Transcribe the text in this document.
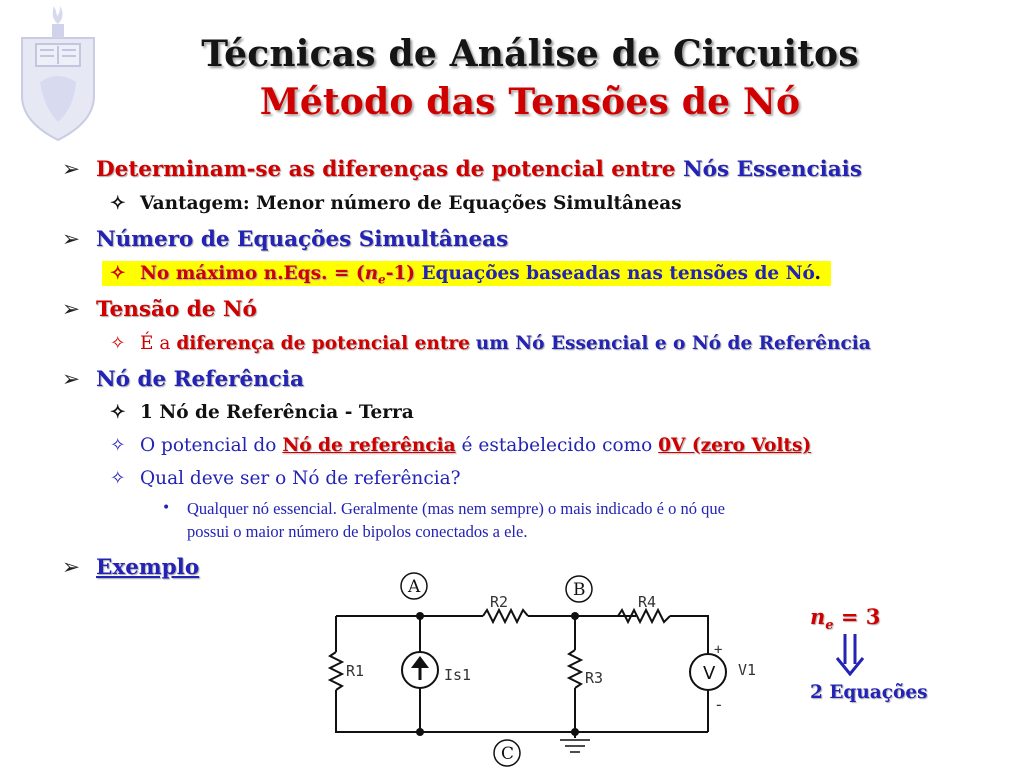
Técnicas de Análise de Circuitos
Método das Tensões de Nó
➢ Determinam-se as diferenças de potencial entre Nós Essenciais
✧ Vantagem: Menor número de Equações Simultâneas
➢ Número de Equações Simultâneas
✧ No máximo n.Eqs. = $(n_e-1)$ Equações baseadas nas tensões de Nó.
➢ Tensão de Nó
✧ É a diferença de potencial entre um Nó Essencial e o Nó de Referência
➢ Nó de Referência
✧ 1 Nó de Referência - Terra
✧ O potencial do Nó de referência é estabelecido como 0V (zero Volts)
✧ Qual deve ser o Nó de referência?
• Qualquer nó essencial. Geralmente (mas nem sempre) o mais indicado é o nó que
possui o maior número de bipolos conectados a ele.
➢ Exemplo
R2	R4
R1	Is1	R3	V1
+
-
V
A	B
C
$n_e = 3$
2 Equações
